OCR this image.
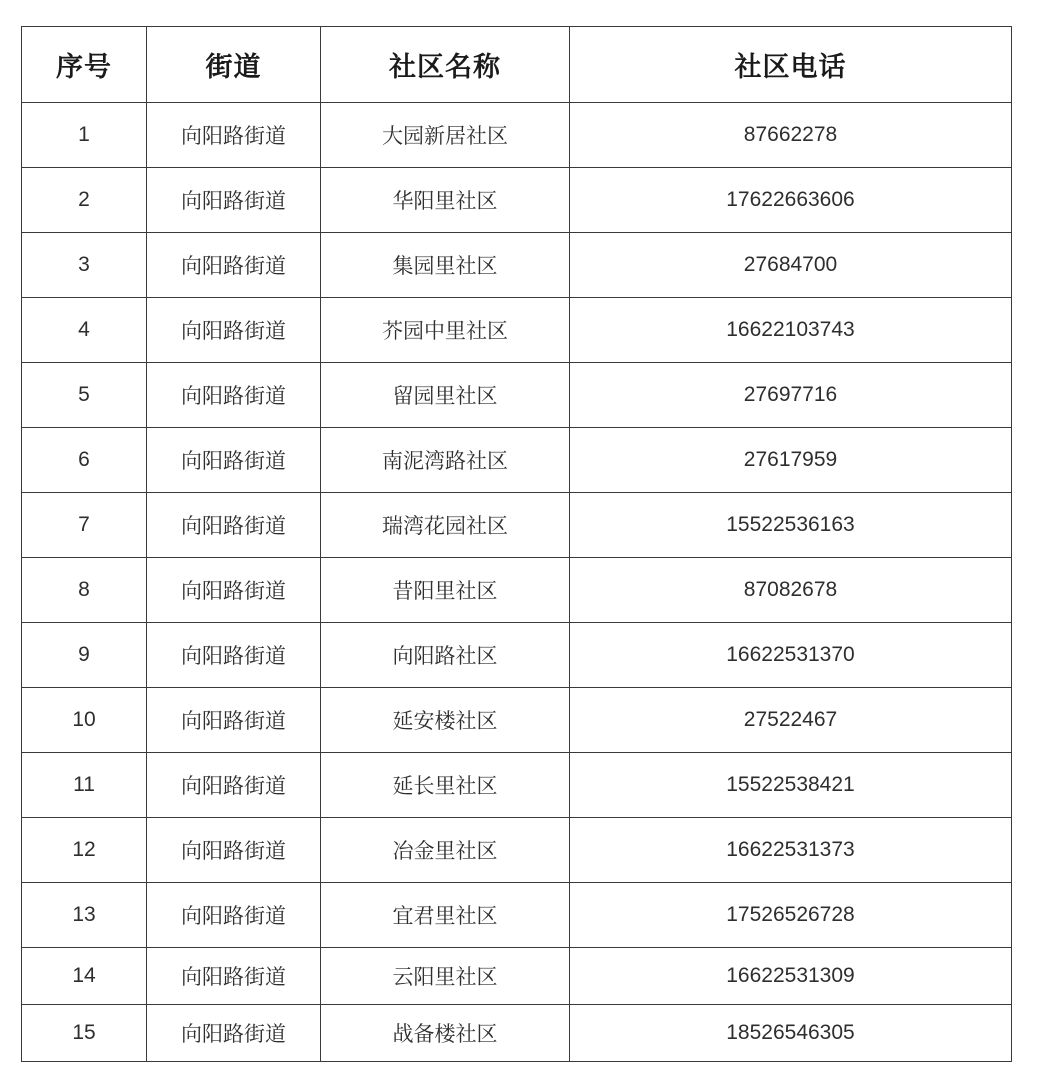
序号	街道	社区名称	社区电话
1	向阳路街道	大园新居社区	87662278
2	向阳路街道	华阳里社区	17622663606
3	向阳路街道	集园里社区	27684700
4	向阳路街道	芥园中里社区	16622103743
5	向阳路街道	留园里社区	27697716
6	向阳路街道	南泥湾路社区	27617959
7	向阳路街道	瑞湾花园社区	15522536163
8	向阳路街道	昔阳里社区	87082678
9	向阳路街道	向阳路社区	16622531370
10	向阳路街道	延安楼社区	27522467
11	向阳路街道	延长里社区	15522538421
12	向阳路街道	冶金里社区	16622531373
13	向阳路街道	宜君里社区	17526526728
14	向阳路街道	云阳里社区	16622531309
15	向阳路街道	战备楼社区	18526546305
